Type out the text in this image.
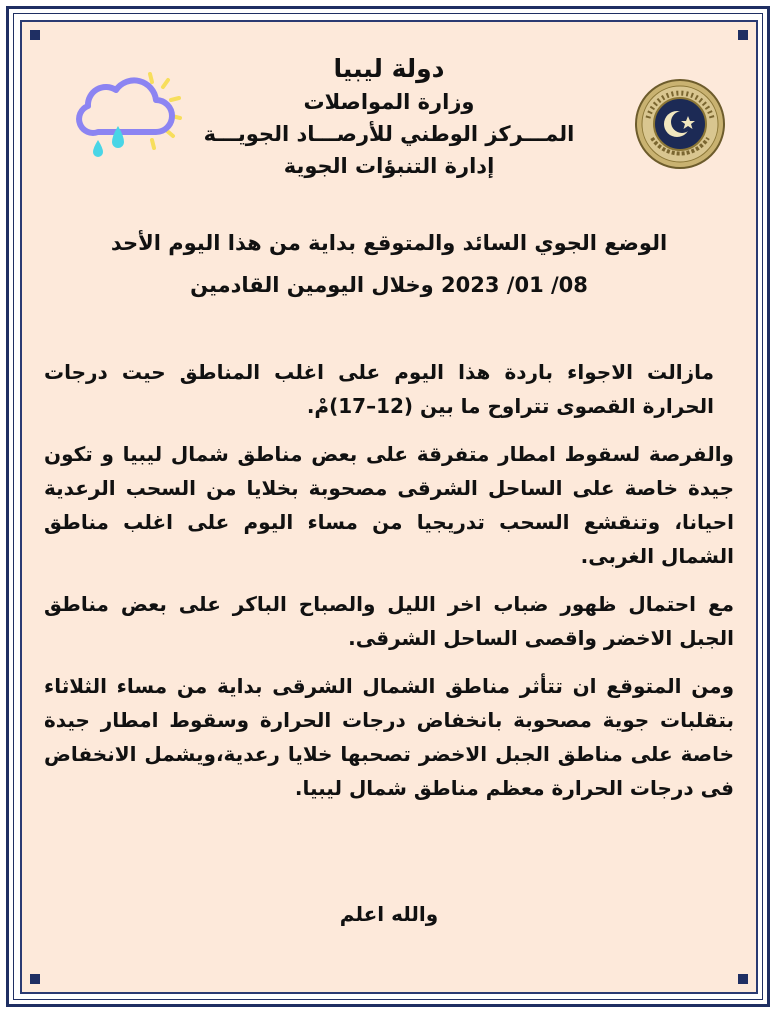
دولة ليبيا
وزارة المواصلات
المـــركز الوطني للأرصـــاد الجويـــة
إدارة التنبؤات الجوية
الوضع الجوي السائد والمتوقع بداية من هذا اليوم الأحد
08/ 01/ 2023 وخلال اليومين القادمين

مازالت الاجواء باردة هذا اليوم على اغلب المناطق حيت درجات الحرارة القصوى تتراوح ما بين (12–17)مْ.

والفرصة لسقوط امطار متفرقة على بعض مناطق شمال ليبيا و تكون جيدة خاصة على الساحل الشرقى مصحوبة بخلايا من السحب الرعدية احيانا، وتنقشع السحب تدريجيا من مساء اليوم على اغلب مناطق الشمال الغربى.

مع احتمال ظهور ضباب اخر الليل والصباح الباكر على بعض مناطق الجبل الاخضر واقصى الساحل الشرقى.

ومن المتوقع ان تتأثر مناطق الشمال الشرقى بداية من مساء الثلاثاء بتقلبات جوية مصحوبة بانخفاض درجات الحرارة وسقوط امطار جيدة خاصة على مناطق الجبل الاخضر تصحبها خلايا رعدية،ويشمل الانخفاض فى درجات الحرارة معظم مناطق شمال ليبيا.

والله اعلم
